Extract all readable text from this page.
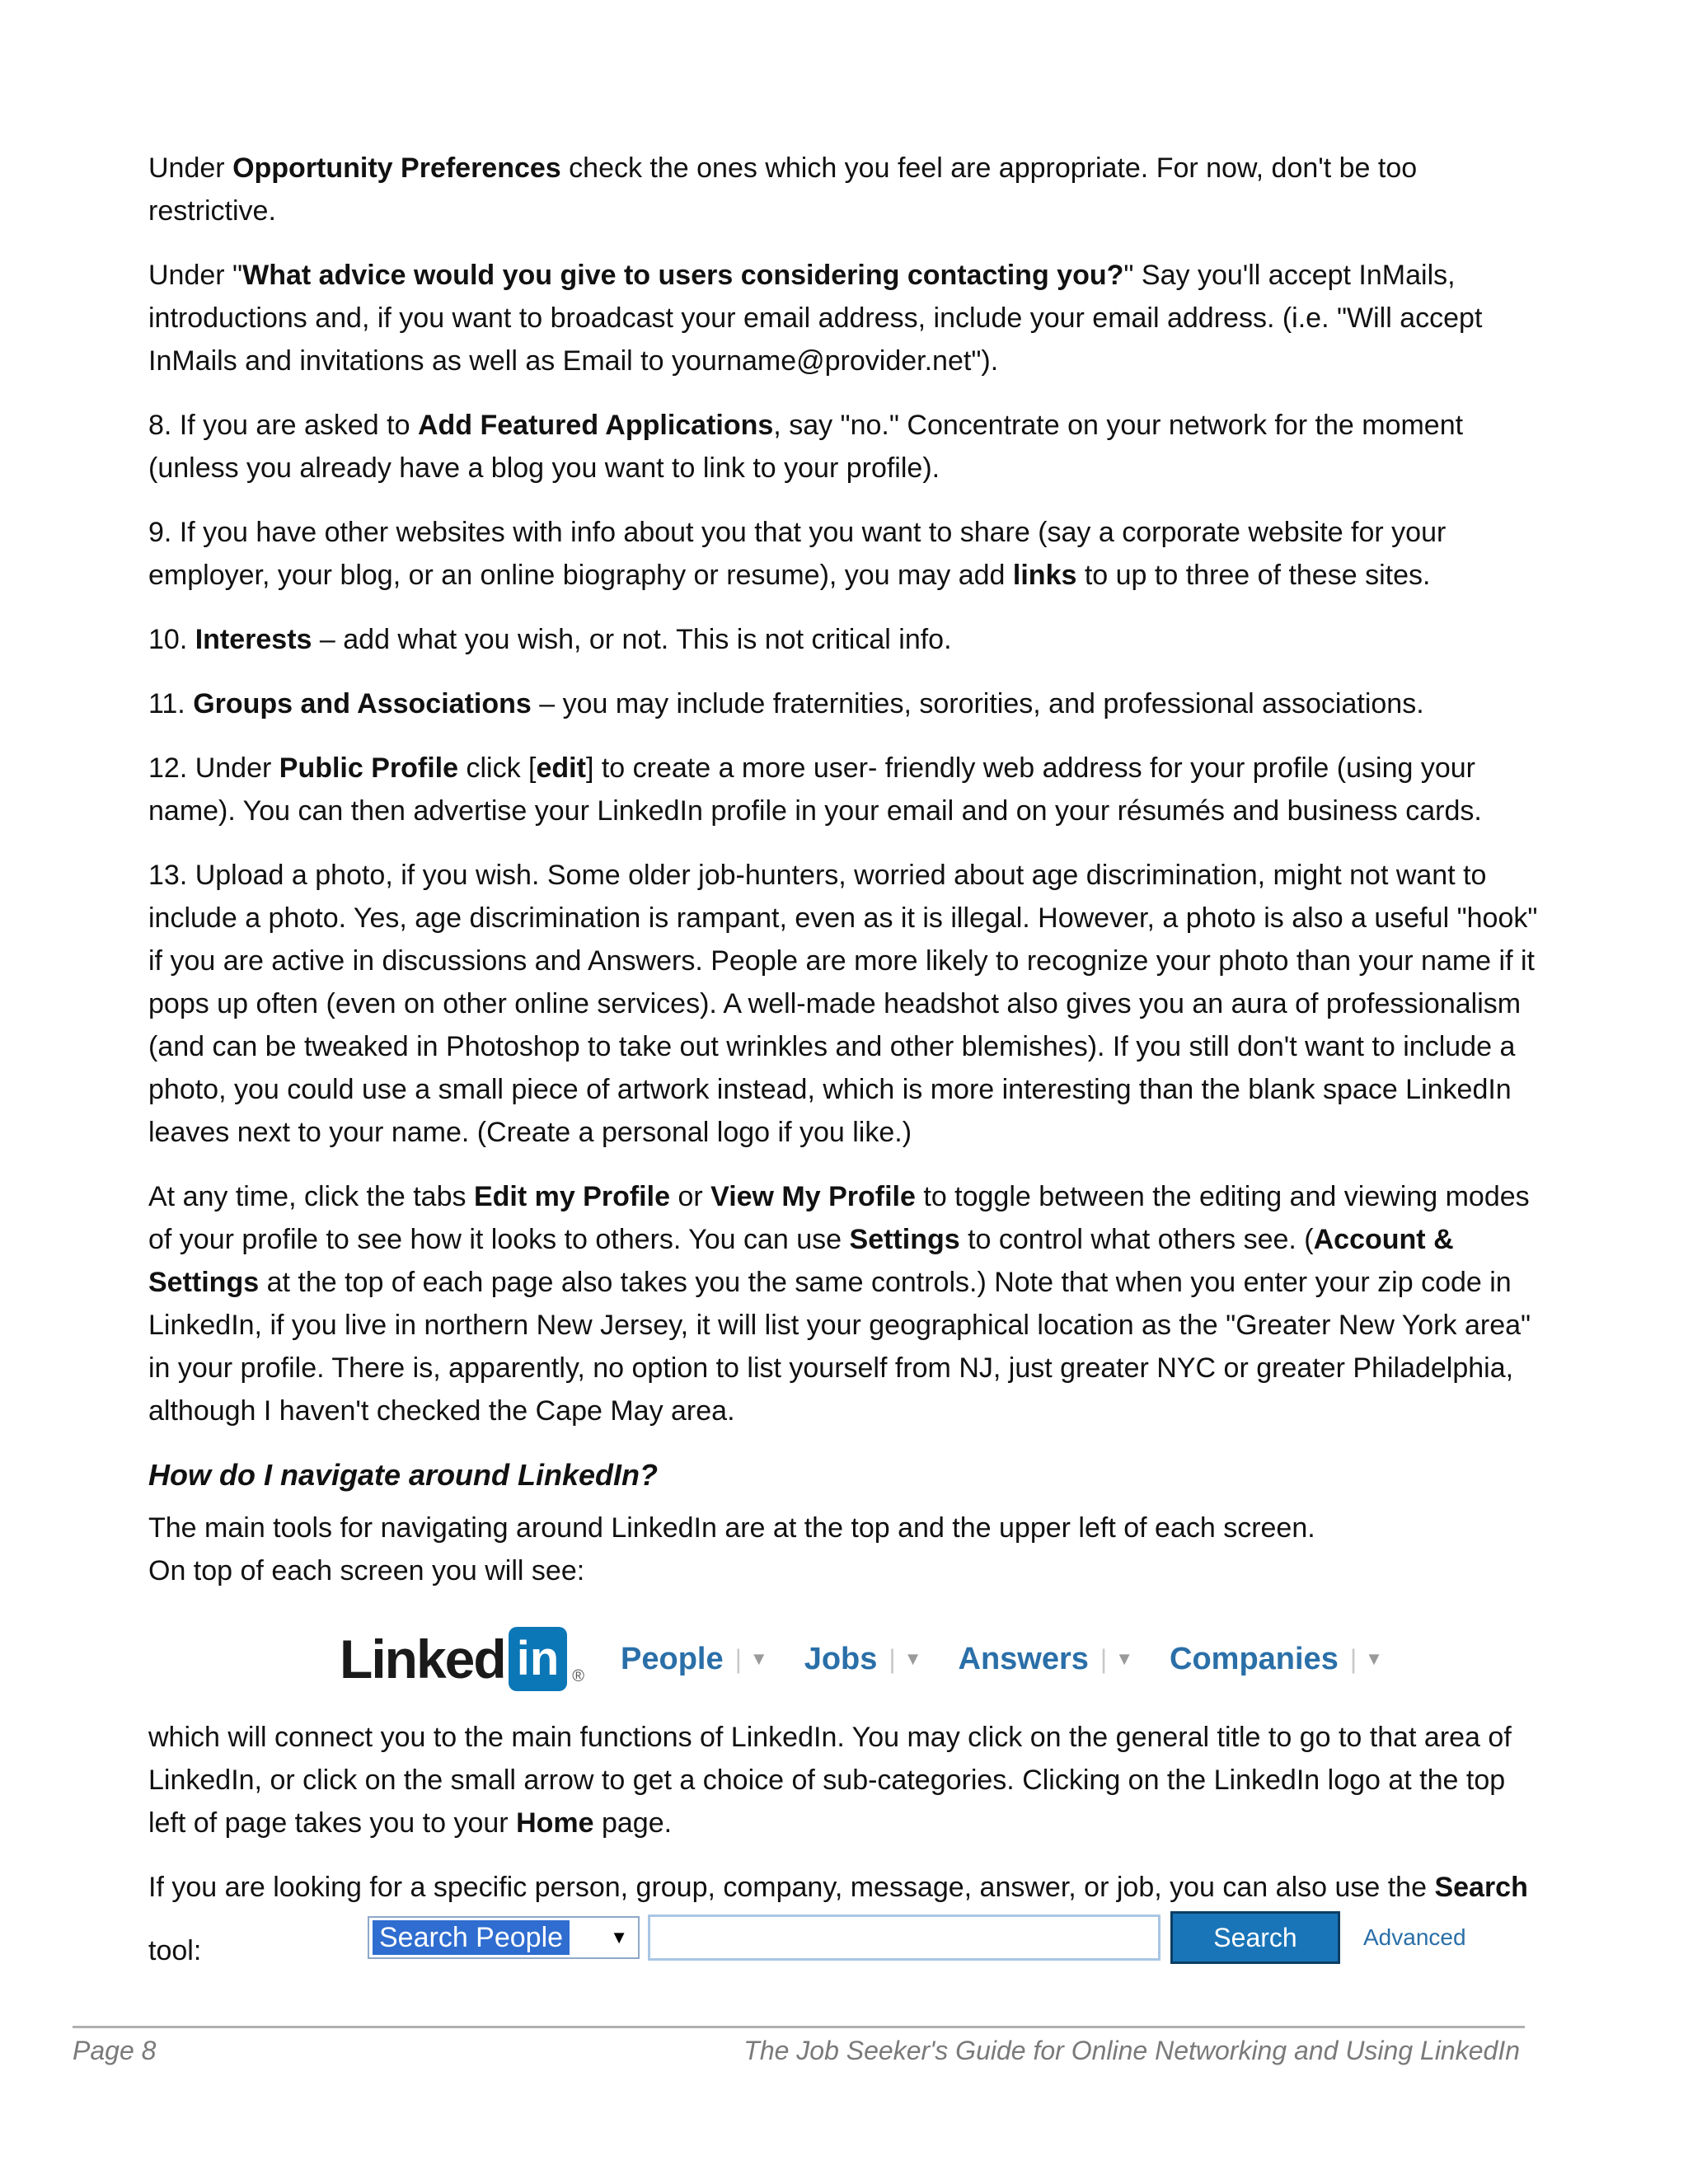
Under Opportunity Preferences check the ones which you feel are appropriate. For now, don't be too restrictive.

Under "What advice would you give to users considering contacting you?" Say you'll accept InMails, introductions and, if you want to broadcast your email address, include your email address. (i.e. "Will accept InMails and invitations as well as Email to yourname@provider.net").

8. If you are asked to Add Featured Applications, say "no." Concentrate on your network for the moment (unless you already have a blog you want to link to your profile).

9. If you have other websites with info about you that you want to share (say a corporate website for your employer, your blog, or an online biography or resume), you may add links to up to three of these sites.

10. Interests – add what you wish, or not. This is not critical info.

11. Groups and Associations – you may include fraternities, sororities, and professional associations.

12. Under Public Profile click [edit] to create a more user- friendly web address for your profile (using your name). You can then advertise your LinkedIn profile in your email and on your résumés and business cards.

13. Upload a photo, if you wish. Some older job-hunters, worried about age discrimination, might not want to include a photo. Yes, age discrimination is rampant, even as it is illegal. However, a photo is also a useful "hook" if you are active in discussions and Answers. People are more likely to recognize your photo than your name if it pops up often (even on other online services). A well-made headshot also gives you an aura of professionalism (and can be tweaked in Photoshop to take out wrinkles and other blemishes). If you still don't want to include a photo, you could use a small piece of artwork instead, which is more interesting than the blank space LinkedIn leaves next to your name. (Create a personal logo if you like.)

At any time, click the tabs Edit my Profile or View My Profile to toggle between the editing and viewing modes of your profile to see how it looks to others. You can use Settings to control what others see. (Account & Settings at the top of each page also takes you the same controls.) Note that when you enter your zip code in LinkedIn, if you live in northern New Jersey, it will list your geographical location as the "Greater New York area" in your profile. There is, apparently, no option to list yourself from NJ, just greater NYC or greater Philadelphia, although I haven't checked the Cape May area.

How do I navigate around LinkedIn?

The main tools for navigating around LinkedIn are at the top and the upper left of each screen.
On top of each screen you will see:

which will connect you to the main functions of LinkedIn. You may click on the general title to go to that area of LinkedIn, or click on the small arrow to get a choice of sub-categories. Clicking on the LinkedIn logo at the top left of page takes you to your Home page.

If you are looking for a specific person, group, company, message, answer, or job, you can also use the Search

Linked in ®
People | ▼ Jobs | ▼ Answers | ▼ Companies | ▼
tool:	Search People	▼	Search	Advanced
Page 8	The Job Seeker's Guide for Online Networking and Using LinkedIn
